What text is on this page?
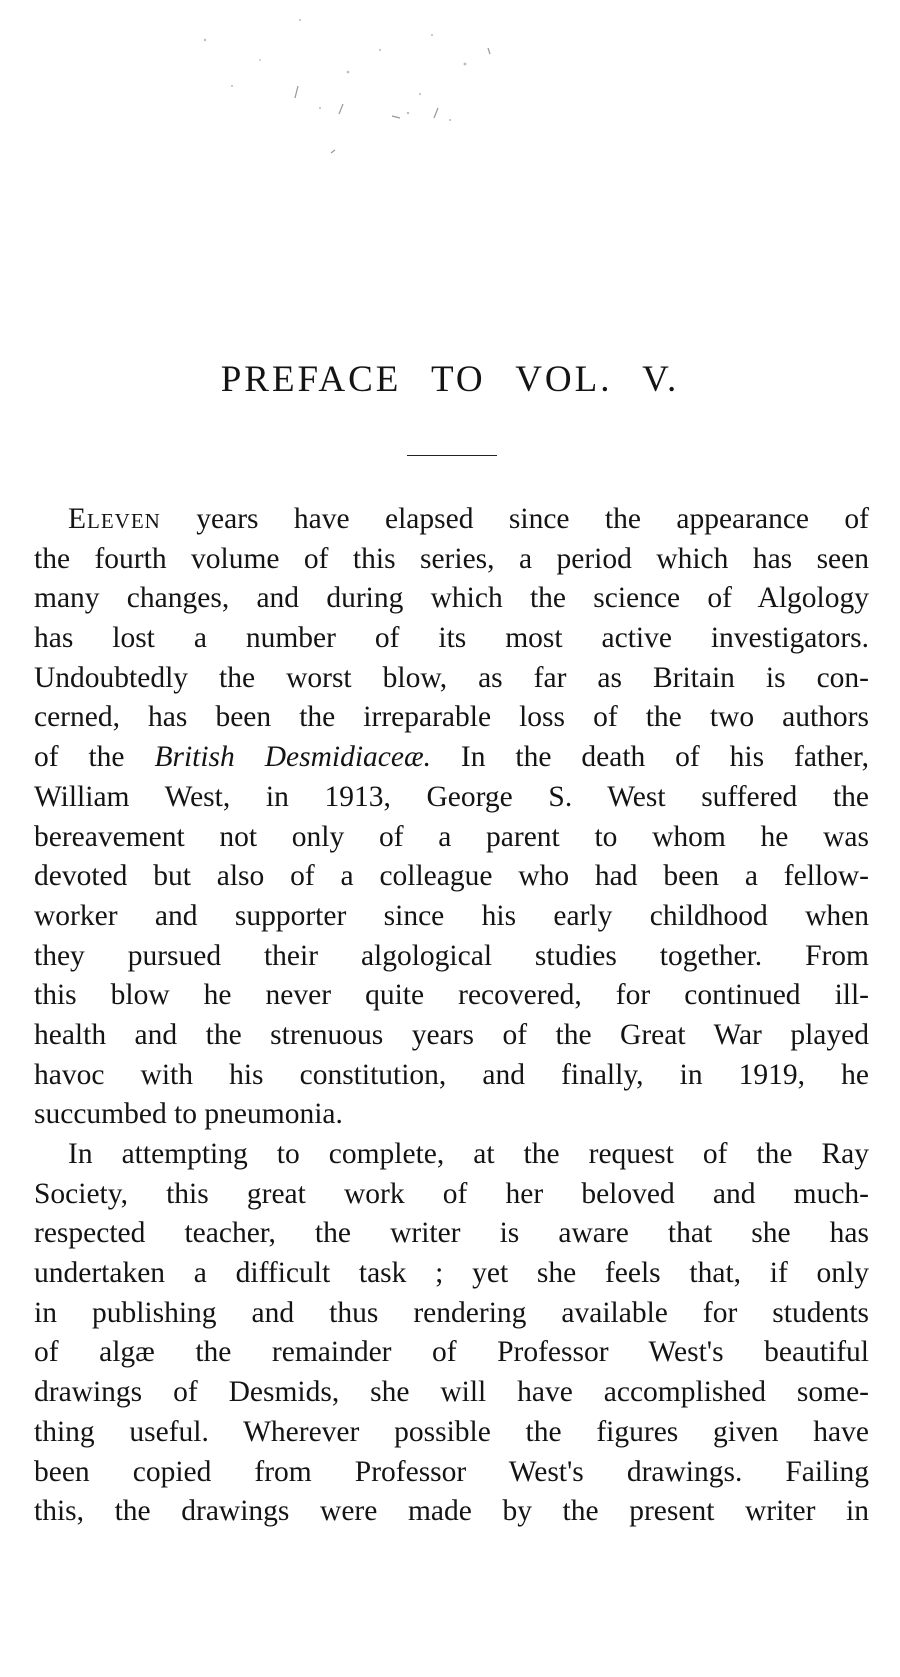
PREFACE TO VOL. V.
Eleven years have elapsed since the appearance of
the fourth volume of this series, a period which has seen
many changes, and during which the science of Algology
has lost a number of its most active investigators.
Undoubtedly the worst blow, as far as Britain is con-
cerned, has been the irreparable loss of the two authors
of the British Desmidiaceæ. In the death of his father,
William West, in 1913, George S. West suffered the
bereavement not only of a parent to whom he was
devoted but also of a colleague who had been a fellow-
worker and supporter since his early childhood when
they pursued their algological studies together. From
this blow he never quite recovered, for continued ill-
health and the strenuous years of the Great War played
havoc with his constitution, and finally, in 1919, he
succumbed to pneumonia.
In attempting to complete, at the request of the Ray
Society, this great work of her beloved and much-
respected teacher, the writer is aware that she has
undertaken a difficult task ; yet she feels that, if only
in publishing and thus rendering available for students
of algæ the remainder of Professor West's beautiful
drawings of Desmids, she will have accomplished some-
thing useful. Wherever possible the figures given have
been copied from Professor West's drawings. Failing
this, the drawings were made by the present writer in
